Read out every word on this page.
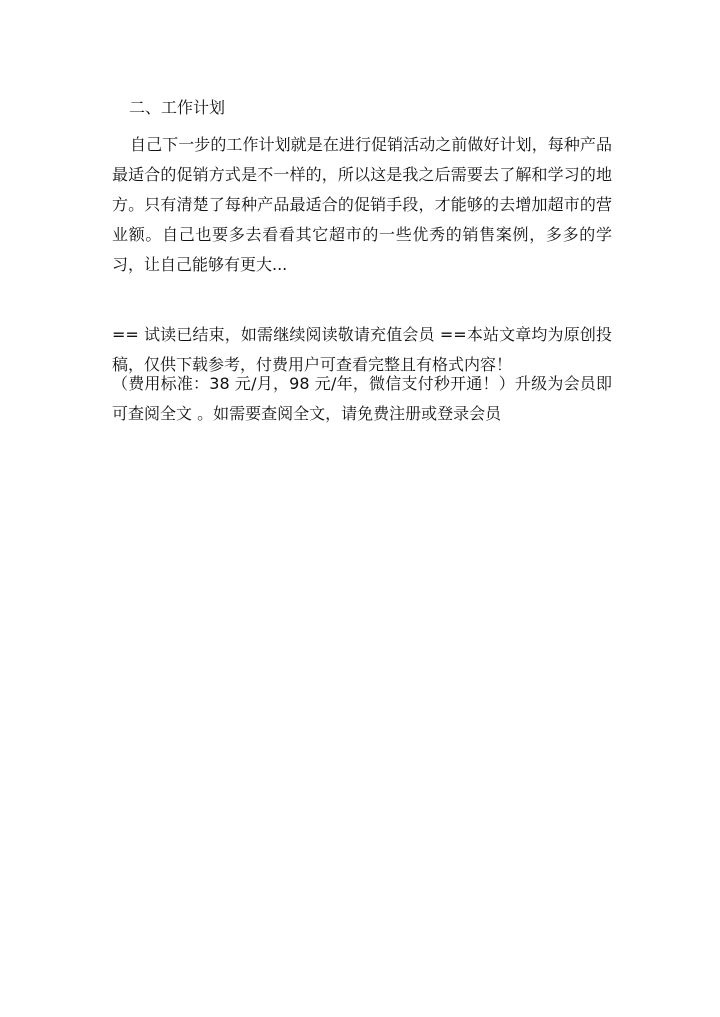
二、工作计划

自己下一步的工作计划就是在进行促销活动之前做好计划，每种产品最适合的促销方式是不一样的，所以这是我之后需要去了解和学习的地方。只有清楚了每种产品最适合的促销手段，才能够的去增加超市的营业额。自己也要多去看看其它超市的一些优秀的销售案例，多多的学习，让自己能够有更大...

== 试读已结束，如需继续阅读敬请充值会员 ==本站文章均为原创投稿，仅供下载参考，付费用户可查看完整且有格式内容！

（费用标准：38 元/月，98 元/年，微信支付秒开通！）升级为会员即可查阅全文 。如需要查阅全文，请免费注册或登录会员
